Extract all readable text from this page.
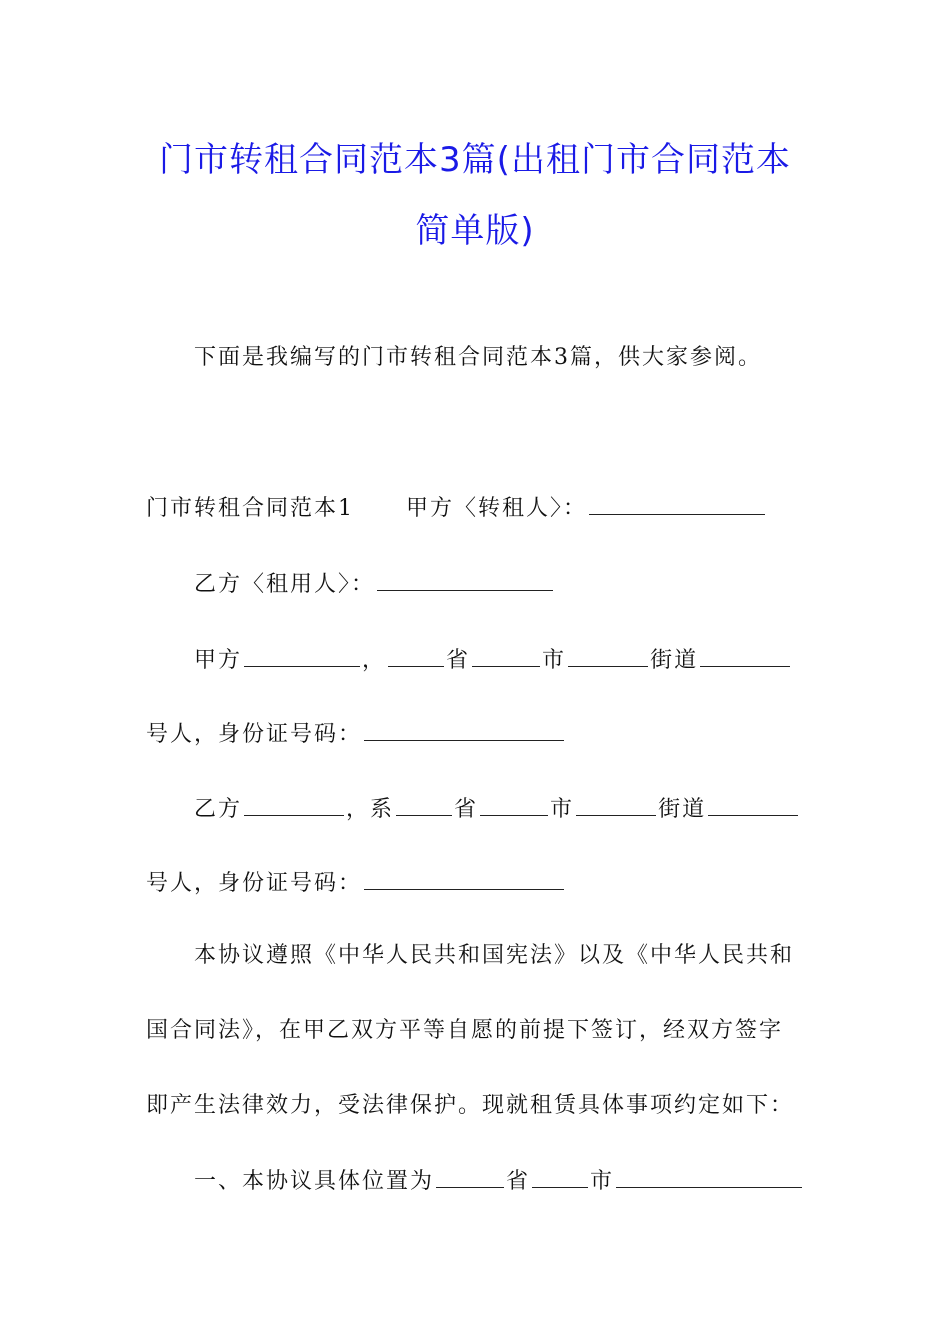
门市转租合同范本3篇(出租门市合同范本
简单版)
下面是我编写的门市转租合同范本3篇，供大家参阅。
门市转租合同范本1 甲方〈转租人〉：
乙方〈租用人〉：
甲方	，	省	市	街道
号人，身份证号码：
乙方	，系	省	市	街道
号人，身份证号码：
本协议遵照《中华人民共和国宪法》以及《中华人民共和
国合同法》，在甲乙双方平等自愿的前提下签订，经双方签字
即产生法律效力，受法律保护。现就租赁具体事项约定如下：
一、本协议具体位置为	省	市
